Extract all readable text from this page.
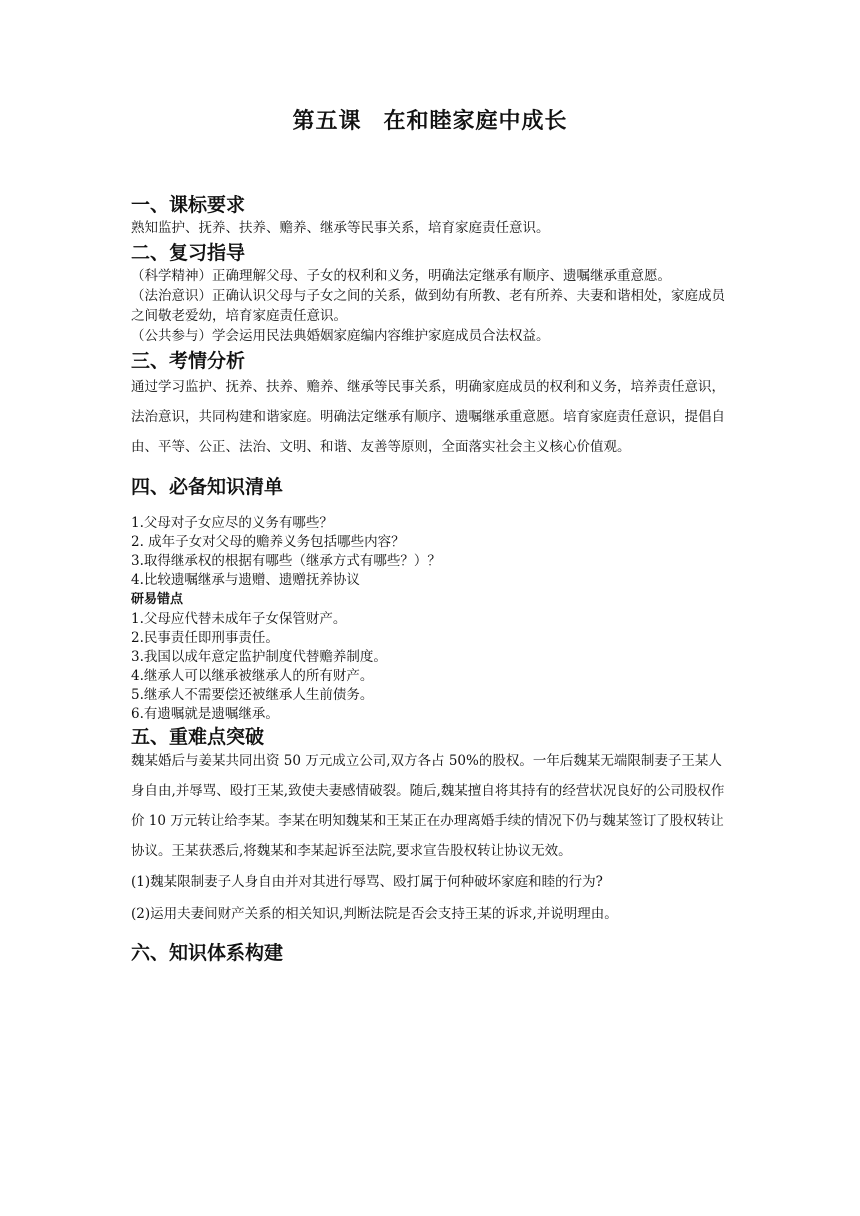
第五课 在和睦家庭中成长
一、课标要求
熟知监护、抚养、扶养、赡养、继承等民事关系，培育家庭责任意识。
二、复习指导
（科学精神）正确理解父母、子女的权利和义务，明确法定继承有顺序、遗嘱继承重意愿。
（法治意识）正确认识父母与子女之间的关系，做到幼有所教、老有所养、夫妻和谐相处，家庭成员之间敬老爱幼，培育家庭责任意识。
（公共参与）学会运用民法典婚姻家庭编内容维护家庭成员合法权益。
三、考情分析
通过学习监护、抚养、扶养、赡养、继承等民事关系，明确家庭成员的权利和义务，培养责任意识，法治意识，共同构建和谐家庭。明确法定继承有顺序、遗嘱继承重意愿。培育家庭责任意识，提倡自由、平等、公正、法治、文明、和谐、友善等原则，全面落实社会主义核心价值观。
四、必备知识清单
1.父母对子女应尽的义务有哪些？
2. 成年子女对父母的赡养义务包括哪些内容？
3.取得继承权的根据有哪些（继承方式有哪些？）？
4.比较遗嘱继承与遗赠、遗赠抚养协议
研易错点
1.父母应代替未成年子女保管财产。
2.民事责任即刑事责任。
3.我国以成年意定监护制度代替赡养制度。
4.继承人可以继承被继承人的所有财产。
5.继承人不需要偿还被继承人生前债务。
6.有遗嘱就是遗嘱继承。
五、重难点突破
魏某婚后与姜某共同出资 50 万元成立公司,双方各占 50%的股权。一年后魏某无端限制妻子王某人身自由,并辱骂、殴打王某,致使夫妻感情破裂。随后,魏某擅自将其持有的经营状况良好的公司股权作价 10 万元转让给李某。李某在明知魏某和王某正在办理离婚手续的情况下仍与魏某签订了股权转让协议。王某获悉后,将魏某和李某起诉至法院,要求宣告股权转让协议无效。
(1)魏某限制妻子人身自由并对其进行辱骂、殴打属于何种破坏家庭和睦的行为?
(2)运用夫妻间财产关系的相关知识,判断法院是否会支持王某的诉求,并说明理由。
六、知识体系构建
